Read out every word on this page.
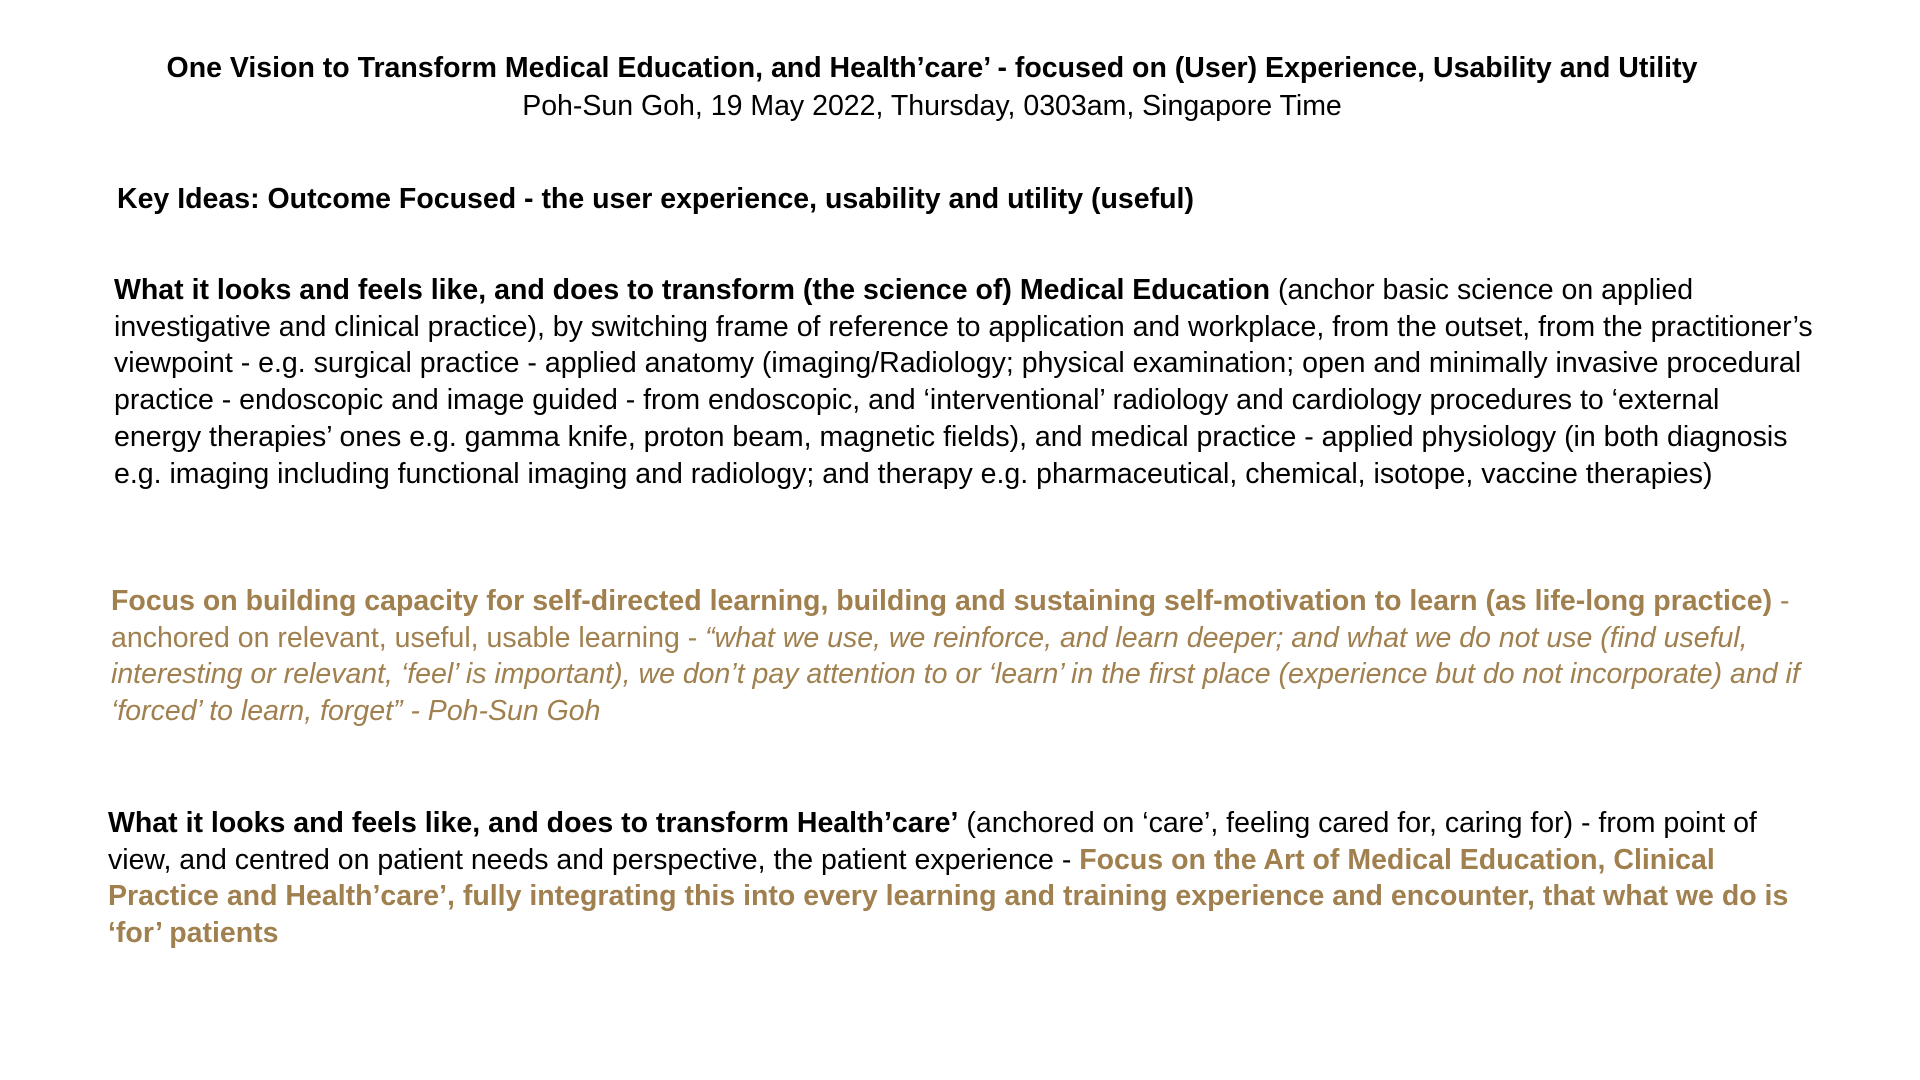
One Vision to Transform Medical Education, and Health’care’ - focused on (User) Experience, Usability and Utility
Poh-Sun Goh, 19 May 2022, Thursday, 0303am, Singapore Time
Key Ideas: Outcome Focused - the user experience, usability and utility (useful)
What it looks and feels like, and does to transform (the science of) Medical Education (anchor basic science on applied investigative and clinical practice), by switching frame of reference to application and workplace, from the outset, from the practitioner’s viewpoint - e.g. surgical practice - applied anatomy (imaging/Radiology; physical examination; open and minimally invasive procedural practice - endoscopic and image guided - from endoscopic, and ‘interventional’ radiology and cardiology procedures to ‘external energy therapies’ ones e.g. gamma knife, proton beam, magnetic fields), and medical practice - applied physiology (in both diagnosis e.g. imaging including functional imaging and radiology; and therapy e.g. pharmaceutical, chemical, isotope, vaccine therapies)
Focus on building capacity for self-directed learning, building and sustaining self-motivation to learn (as life-long practice) - anchored on relevant, useful, usable learning - “what we use, we reinforce, and learn deeper; and what we do not use (find useful, interesting or relevant, ‘feel’ is important), we don’t pay attention to or ‘learn’ in the first place (experience but do not incorporate) and if ‘forced’ to learn, forget” - Poh-Sun Goh
What it looks and feels like, and does to transform Health’care’ (anchored on ‘care’, feeling cared for, caring for) - from point of view, and centred on patient needs and perspective, the patient experience - Focus on the Art of Medical Education, Clinical Practice and Health’care’, fully integrating this into every learning and training experience and encounter, that what we do is ‘for’ patients
